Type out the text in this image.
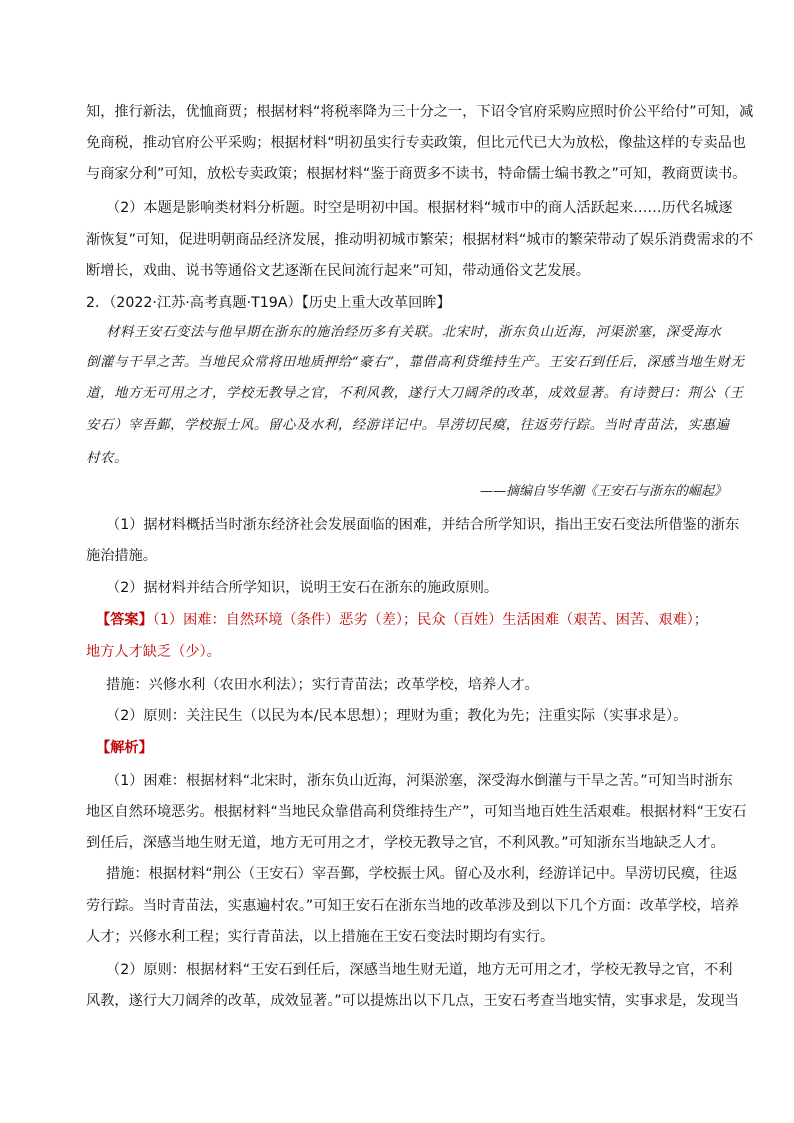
知，推行新法，优恤商贾；根据材料“将税率降为三十分之一，下诏令官府采购应照时价公平给付”可知，减
免商税，推动官府公平采购；根据材料“明初虽实行专卖政策，但比元代已大为放松，像盐这样的专卖品也
与商家分利”可知，放松专卖政策；根据材料“鉴于商贾多不读书，特命儒士编书教之”可知，教商贾读书。
（2）本题是影响类材料分析题。时空是明初中国。根据材料“城市中的商人活跃起来……历代名城逐
渐恢复”可知，促进明朝商品经济发展，推动明初城市繁荣；根据材料“城市的繁荣带动了娱乐消费需求的不
断增长，戏曲、说书等通俗文艺逐渐在民间流行起来”可知，带动通俗文艺发展。
2．（2022·江苏·高考真题·T19A）【历史上重大改革回眸】
材料王安石变法与他早期在浙东的施治经历多有关联。北宋时，浙东负山近海，河渠淤塞，深受海水
倒灌与干旱之苦。当地民众常将田地质押给“豪右”，靠借高利贷维持生产。王安石到任后，深感当地生财无
道，地方无可用之才，学校无教导之官，不利风教，遂行大刀阔斧的改革，成效显著。有诗赞曰：荆公（王
安石）宰吾鄞，学校振士风。留心及水利，经游详记中。旱涝切民瘼，往返劳行踪。当时青苗法，实惠遍
村农。
——摘编自岑华潮《王安石与浙东的崛起》
（1）据材料概括当时浙东经济社会发展面临的困难，并结合所学知识，指出王安石变法所借鉴的浙东
施治措施。
（2）据材料并结合所学知识，说明王安石在浙东的施政原则。
【答案】（1）困难：自然环境（条件）恶劣（差）；民众（百姓）生活困难（艰苦、困苦、艰难）；
地方人才缺乏（少）。
措施：兴修水利（农田水利法）；实行青苗法；改革学校，培养人才。
（2）原则：关注民生（以民为本/民本思想）；理财为重；教化为先；注重实际（实事求是）。
【解析】
（1）困难：根据材料“北宋时，浙东负山近海，河渠淤塞，深受海水倒灌与干旱之苦。”可知当时浙东
地区自然环境恶劣。根据材料“当地民众靠借高利贷维持生产”，可知当地百姓生活艰难。根据材料“王安石
到任后，深感当地生财无道，地方无可用之才，学校无教导之官，不利风教。”可知浙东当地缺乏人才。
措施：根据材料“荆公（王安石）宰吾鄞，学校振士风。留心及水利，经游详记中。旱涝切民瘼，往返
劳行踪。当时青苗法，实惠遍村农。”可知王安石在浙东当地的改革涉及到以下几个方面：改革学校，培养
人才；兴修水利工程；实行青苗法，以上措施在王安石变法时期均有实行。
（2）原则：根据材料“王安石到任后，深感当地生财无道，地方无可用之才，学校无教导之官，不利
风教，遂行大刀阔斧的改革，成效显著。”可以提炼出以下几点，王安石考查当地实情，实事求是，发现当
